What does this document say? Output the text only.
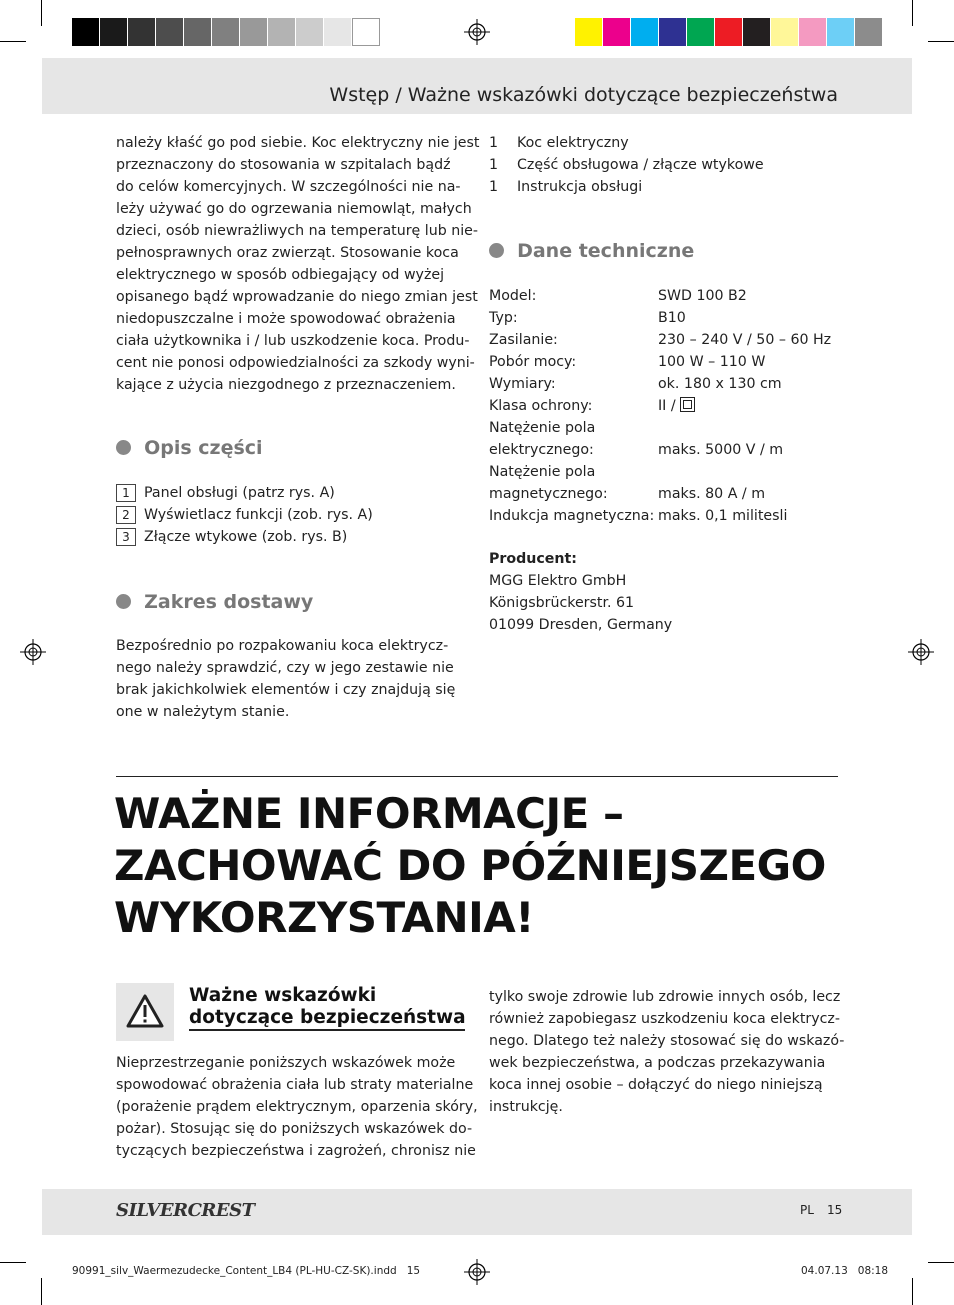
Wstęp / Ważne wskazówki dotyczące bezpieczeństwa
należy kłaść go pod siebie. Koc elektryczny nie jest
przeznaczony do stosowania w szpitalach bądź
do celów komercyjnych. W szczególności nie na-
leży używać go do ogrzewania niemowląt, małych
dzieci, osób niewrażliwych na temperaturę lub nie-
pełnosprawnych oraz zwierząt. Stosowanie koca
elektrycznego w sposób odbiegający od wyżej
opisanego bądź wprowadzanie do niego zmian jest
niedopuszczalne i może spowodować obrażenia
ciała użytkownika i / lub uszkodzenie koca. Produ-
cent nie ponosi odpowiedzialności za szkody wyni-
kające z użycia niezgodnego z przeznaczeniem.
Opis części
1 Panel obsługi (patrz rys. A)
2 Wyświetlacz funkcji (zob. rys. A)
3 Złącze wtykowe (zob. rys. B)
Zakres dostawy
Bezpośrednio po rozpakowaniu koca elektrycz-
nego należy sprawdzić, czy w jego zestawie nie
brak jakichkolwiek elementów i czy znajdują się
one w należytym stanie.
1 Koc elektryczny
1 Część obsługowa / złącze wtykowe
1 Instrukcja obsługi
Dane techniczne
Model:	SWD 100 B2
Typ:	B10
Zasilanie:	230 – 240 V / 50 – 60 Hz
Pobór mocy:	100 W – 110 W
Wymiary:	ok. 180 x 130 cm
Klasa ochrony:	II /
Natężenie pola
elektrycznego:	maks. 5000 V / m
Natężenie pola
magnetycznego:	maks. 80 A / m
Indukcja magnetyczna: maks. 0,1 militesli
Producent:
MGG Elektro GmbH
Königsbrückerstr. 61
01099 Dresden, Germany
WAŻNE INFORMACJE –
ZACHOWAĆ DO PÓŹNIEJSZEGO
WYKORZYSTANIA!
Ważne wskazówki
dotyczące bezpieczeństwa
Nieprzestrzeganie poniższych wskazówek może
spowodować obrażenia ciała lub straty materialne
(porażenie prądem elektrycznym, oparzenia skóry,
pożar). Stosując się do poniższych wskazówek do-
tyczących bezpieczeństwa i zagrożeń, chronisz nie
tylko swoje zdrowie lub zdrowie innych osób, lecz
również zapobiegasz uszkodzeniu koca elektrycz-
nego. Dlatego też należy stosować się do wskazó-
wek bezpieczeństwa, a podczas przekazywania
koca innej osobie – dołączyć do niego niniejszą
instrukcję.
SILVERCREST	PL 15
90991_silv_Waermezudecke_Content_LB4 (PL-HU-CZ-SK).indd   15	04.07.13   08:18
